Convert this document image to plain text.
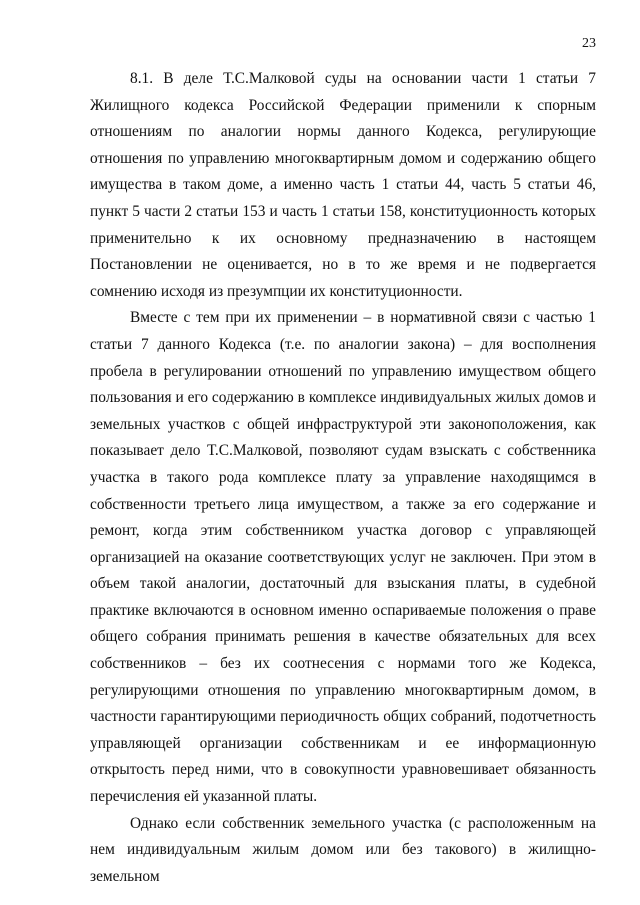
23

8.1. В деле Т.С.Малковой суды на основании части 1 статьи 7 Жилищного кодекса Российской Федерации применили к спорным отношениям по аналогии нормы данного Кодекса, регулирующие отношения по управлению многоквартирным домом и содержанию общего имущества в таком доме, а именно часть 1 статьи 44, часть 5 статьи 46, пункт 5 части 2 статьи 153 и часть 1 статьи 158, конституционность которых применительно к их основному предназначению в настоящем Постановлении не оценивается, но в то же время и не подвергается сомнению исходя из презумпции их конституционности.

Вместе с тем при их применении – в нормативной связи с частью 1 статьи 7 данного Кодекса (т.е. по аналогии закона) – для восполнения пробела в регулировании отношений по управлению имуществом общего пользования и его содержанию в комплексе индивидуальных жилых домов и земельных участков с общей инфраструктурой эти законоположения, как показывает дело Т.С.Малковой, позволяют судам взыскать с собственника участка в такого рода комплексе плату за управление находящимся в собственности третьего лица имуществом, а также за его содержание и ремонт, когда этим собственником участка договор с управляющей организацией на оказание соответствующих услуг не заключен. При этом в объем такой аналогии, достаточный для взыскания платы, в судебной практике включаются в основном именно оспариваемые положения о праве общего собрания принимать решения в качестве обязательных для всех собственников – без их соотнесения с нормами того же Кодекса, регулирующими отношения по управлению многоквартирным домом, в частности гарантирующими периодичность общих собраний, подотчетность управляющей организации собственникам и ее информационную открытость перед ними, что в совокупности уравновешивает обязанность перечисления ей указанной платы.

Однако если собственник земельного участка (с расположенным на нем индивидуальным жилым домом или без такового) в жилищно-земельном
